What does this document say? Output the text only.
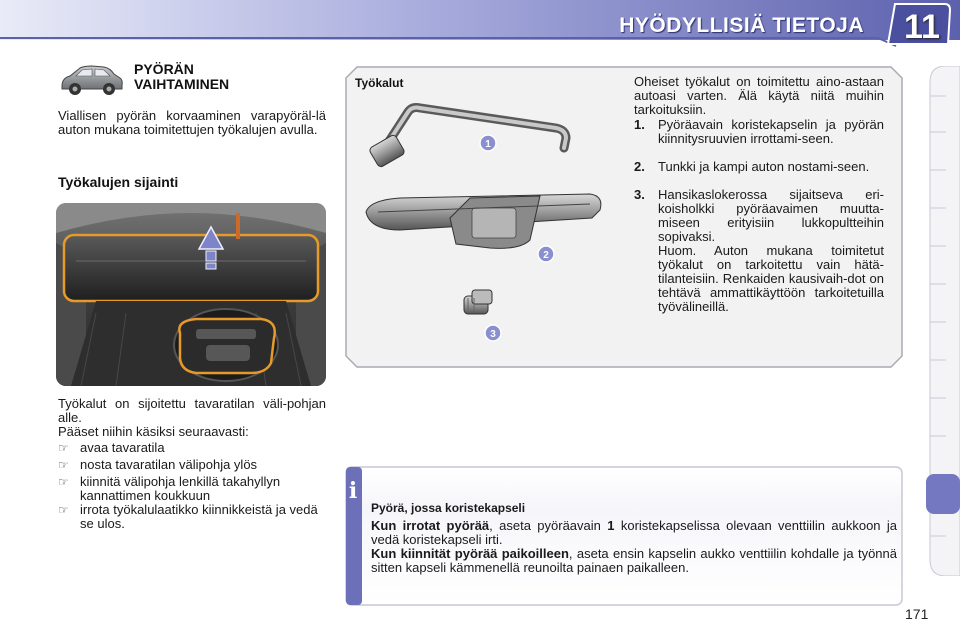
HYÖDYLLISIÄ TIETOJA 11
PYÖRÄN
VAIHTAMINEN

Viallisen pyörän korvaaminen varapyöräl-lä auton mukana toimitettujen työkalujen avulla.

Työkalujen sijainti

Työkalut on sijoitettu tavaratilan väli-pohjan alle.

Pääset niihin käsiksi seuraavasti:

☞ avaa tavaratila
☞ nosta tavaratilan välipohja ylös
☞ kiinnitä välipohja lenkillä takahyllyn kannattimen koukkuun
☞ irrota työkalulaatikko kiinnikkeistä ja vedä se ulos.
Työkalut
1
2
3

Oheiset työkalut on toimitettu aino-astaan autoasi varten. Älä käytä niitä muihin tarkoituksiin.

1. Pyöräavain koristekapselin ja pyörän kiinnitysruuvien irrottami-seen.
2. Tunkki ja kampi auton nostami-seen.
3. Hansikaslokerossa sijaitseva eri-koisholkki pyöräavaimen muutta-miseen erityisiin lukkopultteihin sopivaksi.

Huom. Auton mukana toimitetut työkalut on tarkoitettu vain hätä-tilanteisiin. Renkaiden kausivaih-dot on tehtävä ammattikäyttöön tarkoitetuilla työvälineillä.

i
Pyörä, jossa koristekapseli

Kun irrotat pyörää, aseta pyöräavain 1 koristekapselissa olevaan venttiilin aukkoon ja vedä koristekapseli irti.

Kun kiinnität pyörää paikoilleen, aseta ensin kapselin aukko venttiilin kohdalle ja työnnä sitten kapseli kämmenellä reunoilta painaen paikalleen.

171
